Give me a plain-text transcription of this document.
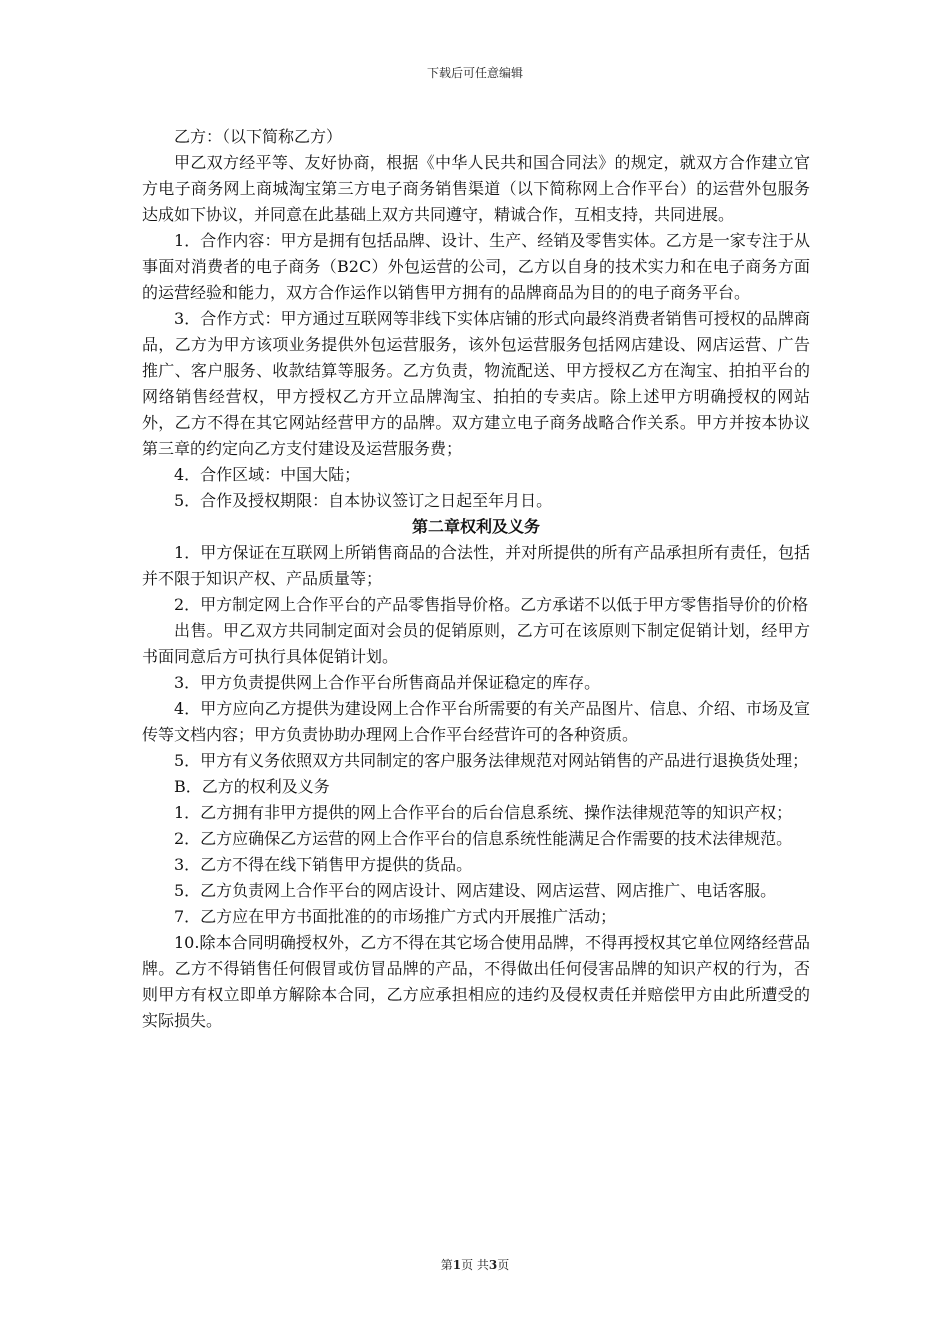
下载后可任意编辑

乙方：（以下简称乙方）

甲乙双方经平等、友好协商，根据《中华人民共和国合同法》的规定，就双方合作建立官方电子商务网上商城淘宝第三方电子商务销售渠道（以下简称网上合作平台）的运营外包服务达成如下协议，并同意在此基础上双方共同遵守，精诚合作，互相支持，共同进展。

1．合作内容：甲方是拥有包括品牌、设计、生产、经销及零售实体。乙方是一家专注于从事面对消费者的电子商务（B2C）外包运营的公司，乙方以自身的技术实力和在电子商务方面的运营经验和能力，双方合作运作以销售甲方拥有的品牌商品为目的的电子商务平台。

3．合作方式：甲方通过互联网等非线下实体店铺的形式向最终消费者销售可授权的品牌商品，乙方为甲方该项业务提供外包运营服务，该外包运营服务包括网店建设、网店运营、广告推广、客户服务、收款结算等服务。乙方负责，物流配送、甲方授权乙方在淘宝、拍拍平台的网络销售经营权，甲方授权乙方开立品牌淘宝、拍拍的专卖店。除上述甲方明确授权的网站外，乙方不得在其它网站经营甲方的品牌。双方建立电子商务战略合作关系。甲方并按本协议第三章的约定向乙方支付建设及运营服务费；

4．合作区域：中国大陆；

5．合作及授权期限：自本协议签订之日起至年月日。

第二章权利及义务

1．甲方保证在互联网上所销售商品的合法性，并对所提供的所有产品承担所有责任，包括并不限于知识产权、产品质量等；

2．甲方制定网上合作平台的产品零售指导价格。乙方承诺不以低于甲方零售指导价的价格

出售。甲乙双方共同制定面对会员的促销原则，乙方可在该原则下制定促销计划，经甲方书面同意后方可执行具体促销计划。

3．甲方负责提供网上合作平台所售商品并保证稳定的库存。

4．甲方应向乙方提供为建设网上合作平台所需要的有关产品图片、信息、介绍、市场及宣传等文档内容；甲方负责协助办理网上合作平台经营许可的各种资质。

5．甲方有义务依照双方共同制定的客户服务法律规范对网站销售的产品进行退换货处理；

B．乙方的权利及义务

1．乙方拥有非甲方提供的网上合作平台的后台信息系统、操作法律规范等的知识产权；

2．乙方应确保乙方运营的网上合作平台的信息系统性能满足合作需要的技术法律规范。

3．乙方不得在线下销售甲方提供的货品。

5．乙方负责网上合作平台的网店设计、网店建设、网店运营、网店推广、电话客服。

7．乙方应在甲方书面批准的的市场推广方式内开展推广活动；

10.除本合同明确授权外，乙方不得在其它场合使用品牌，不得再授权其它单位网络经营品牌。乙方不得销售任何假冒或仿冒品牌的产品，不得做出任何侵害品牌的知识产权的行为，否则甲方有权立即单方解除本合同，乙方应承担相应的违约及侵权责任并赔偿甲方由此所遭受的实际损失。

第1页 共3页
